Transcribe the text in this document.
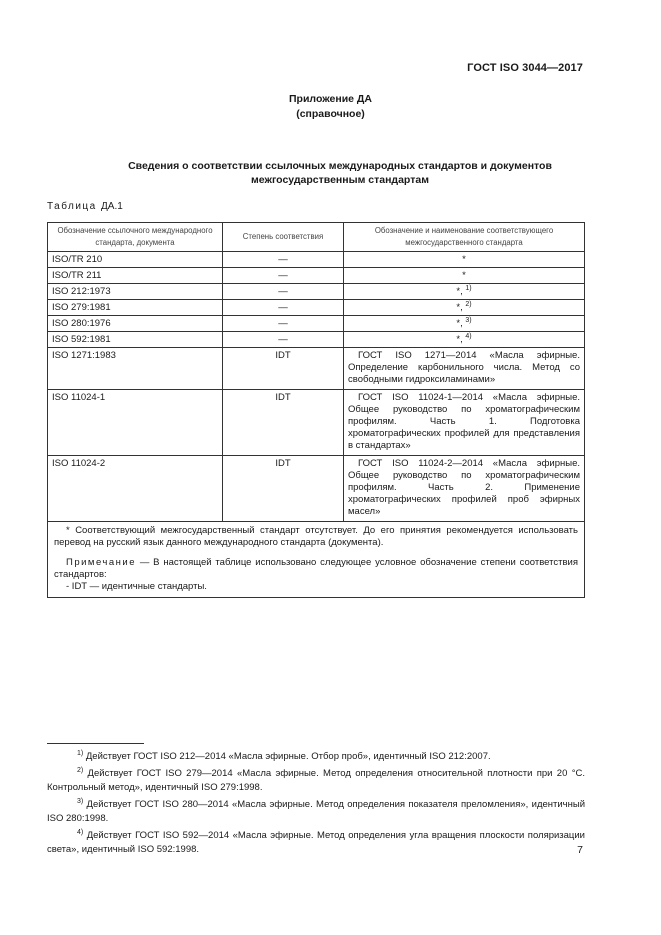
ГОСТ ISO 3044—2017
Приложение ДА
(справочное)
Сведения о соответствии ссылочных международных стандартов и документов
межгосударственным стандартам
Таблица ДА.1
Обозначение ссылочного международного стандарта, документа	Степень соответствия	Обозначение и наименование соответствующего межгосударственного стандарта
ISO/TR 210	—	*
ISO/TR 211	—	*
ISO 212:1973	—	*, $^{1)}$
ISO 279:1981	—	*, $^{2)}$
ISO 280:1976	—	*, $^{3)}$
ISO 592:1981	—	*, $^{4)}$
ISO 1271:1983	IDT	ГОСТ ISO 1271—2014 «Масла эфирные. Определение карбонильного числа. Метод со свободными гидроксиламинами»
ISO 11024-1	IDT	ГОСТ ISO 11024-1—2014 «Масла эфирные. Общее руководство по хроматографическим профилям. Часть 1. Подготовка хроматографических профилей для представления в стандартах»
ISO 11024-2	IDT	ГОСТ ISO 11024-2—2014 «Масла эфирные. Общее руководство по хроматографическим профилям. Часть 2. Применение хроматографических профилей проб эфирных масел»

* Соответствующий межгосударственный стандарт отсутствует. До его принятия рекомендуется использовать перевод на русский язык данного международного стандарта (документа).

Примечание — В настоящей таблице использовано следующее условное обозначение степени соответствия стандартов:

- IDT — идентичные стандарты.		

$^{1)}$ Действует ГОСТ ISO 212—2014 «Масла эфирные. Отбор проб», идентичный ISO 212:2007.

$^{2)}$ Действует ГОСТ ISO 279—2014 «Масла эфирные. Метод определения относительной плотности при 20 °С. Контрольный метод», идентичный ISO 279:1998.

$^{3)}$ Действует ГОСТ ISO 280—2014 «Масла эфирные. Метод определения показателя преломления», идентичный ISO 280:1998.

$^{4)}$ Действует ГОСТ ISO 592—2014 «Масла эфирные. Метод определения угла вращения плоскости поляризации света», идентичный ISO 592:1998.	7
